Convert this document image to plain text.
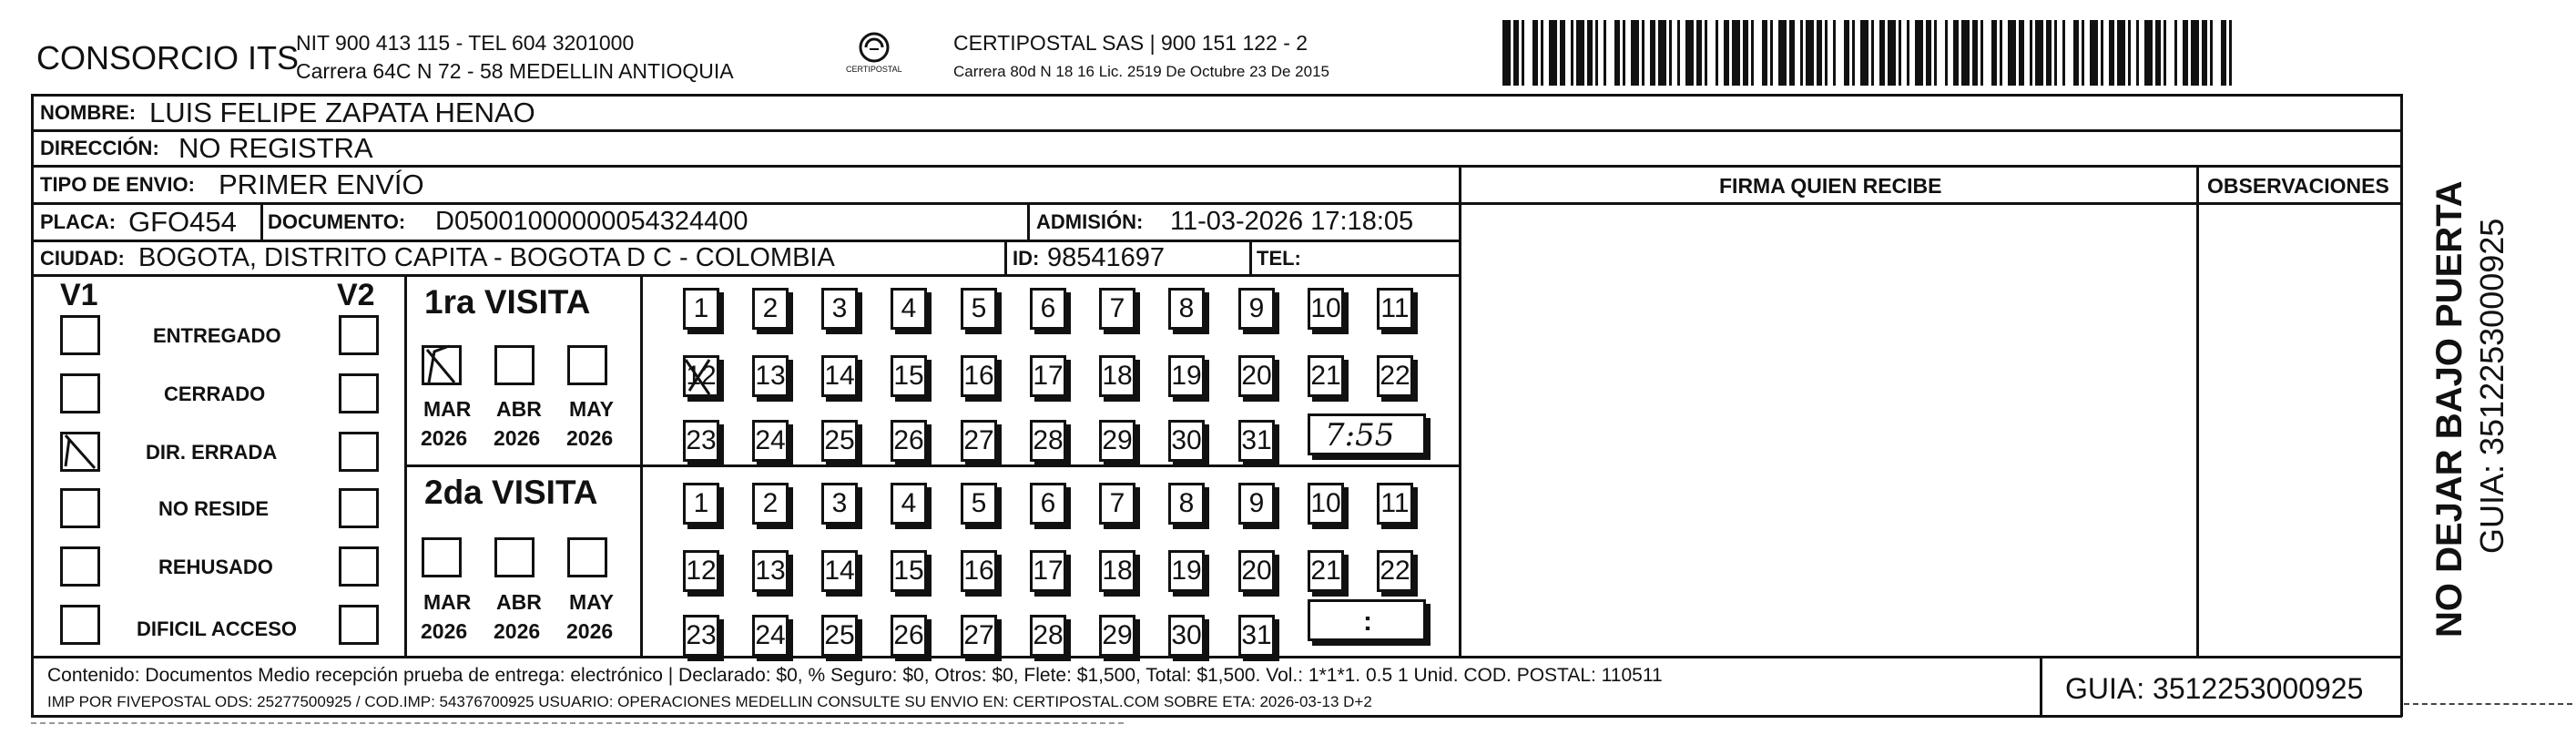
CONSORCIO ITS
NIT 900 413 115 - TEL 604 3201000
Carrera 64C N 72 - 58 MEDELLIN ANTIOQUIA	CERTIPOSTAL
CERTIPOSTAL SAS | 900 151 122 - 2
Carrera 80d N 18 16 Lic. 2519 De Octubre 23 De 2015
NOMBRE: LUIS FELIPE ZAPATA HENAO
DIRECCIÓN: NO REGISTRA
TIPO DE ENVIO: PRIMER ENVÍO	FIRMA QUIEN RECIBE	OBSERVACIONES
PLACA: GFO454 DOCUMENTO: D05001000000054324400	ADMISIÓN: 11-03-2026 17:18:05
CIUDAD: BOGOTA, DISTRITO CAPITA - BOGOTA D C - COLOMBIA	ID: 98541697	TEL:
V1	V2
ENTREGADO
CERRADO
DIR. ERRADA
NO RESIDE
REHUSADO
DIFICIL ACCESO
1ra VISITA
MAR ABR MAY
2026 2026 2026
1	2	3	4	5	6	7	8	9	10 11
12 13 14 15 16 17 18 19 20 21 22
23 24 25 26 27 28 29 30 31 7:55
2da VISITA
MAR ABR MAY
2026 2026 2026
1	2	3	4	5	6	7	8	9	10 11
12 13 14 15 16 17 18 19 20 21 22
23 24 25 26 27 28 29 30 31	:
Contenido: Documentos Medio recepción prueba de entrega: electrónico | Declarado: $0, % Seguro: $0, Otros: $0, Flete: $1,500, Total: $1,500. Vol.: 1*1*1. 0.5 1 Unid. COD. POSTAL: 110511
IMP POR FIVEPOSTAL ODS: 25277500925 / COD.IMP: 54376700925 USUARIO: OPERACIONES MEDELLIN CONSULTE SU ENVIO EN: CERTIPOSTAL.COM SOBRE ETA: 2026-03-13 D+2	GUIA: 3512253000925
NO DEJAR BAJO PUERTA GUIA: 3512253000925
